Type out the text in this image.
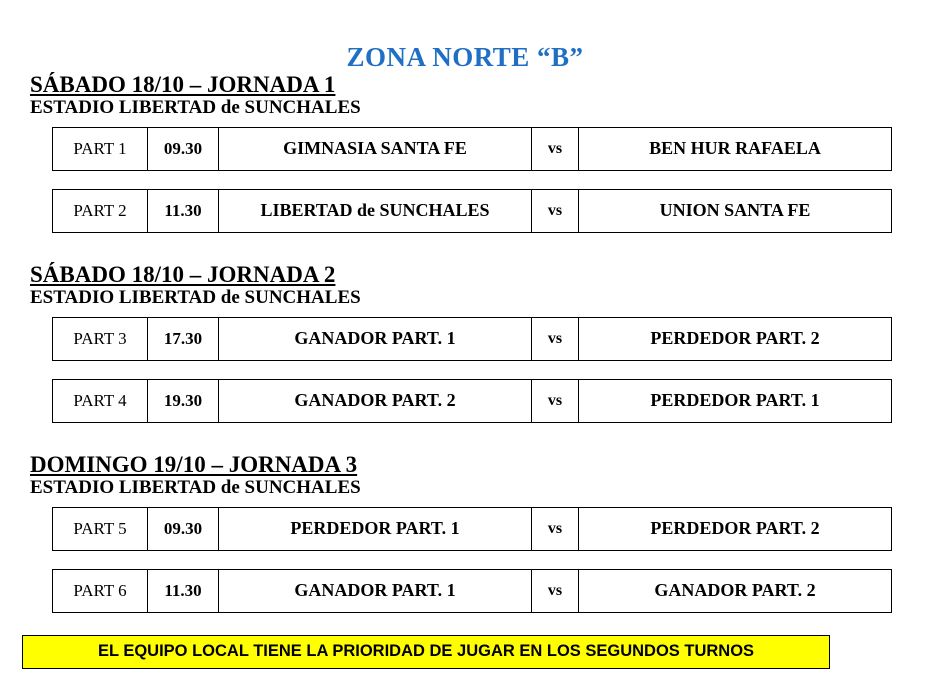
ZONA NORTE “B”
SÁBADO 18/10 – JORNADA 1
ESTADIO LIBERTAD de SUNCHALES
PART 1	09.30	GIMNASIA SANTA FE	vs	BEN HUR RAFAELA
PART 2	11.30	LIBERTAD de SUNCHALES	vs	UNION SANTA FE
SÁBADO 18/10 – JORNADA 2
ESTADIO LIBERTAD de SUNCHALES
PART 3	17.30	GANADOR PART. 1	vs	PERDEDOR PART. 2
PART 4	19.30	GANADOR PART. 2	vs	PERDEDOR PART. 1
DOMINGO 19/10 – JORNADA 3
ESTADIO LIBERTAD de SUNCHALES
PART 5	09.30	PERDEDOR PART. 1	vs	PERDEDOR PART. 2
PART 6	11.30	GANADOR PART. 1	vs	GANADOR PART. 2
EL EQUIPO LOCAL TIENE LA PRIORIDAD DE JUGAR EN LOS SEGUNDOS TURNOS
